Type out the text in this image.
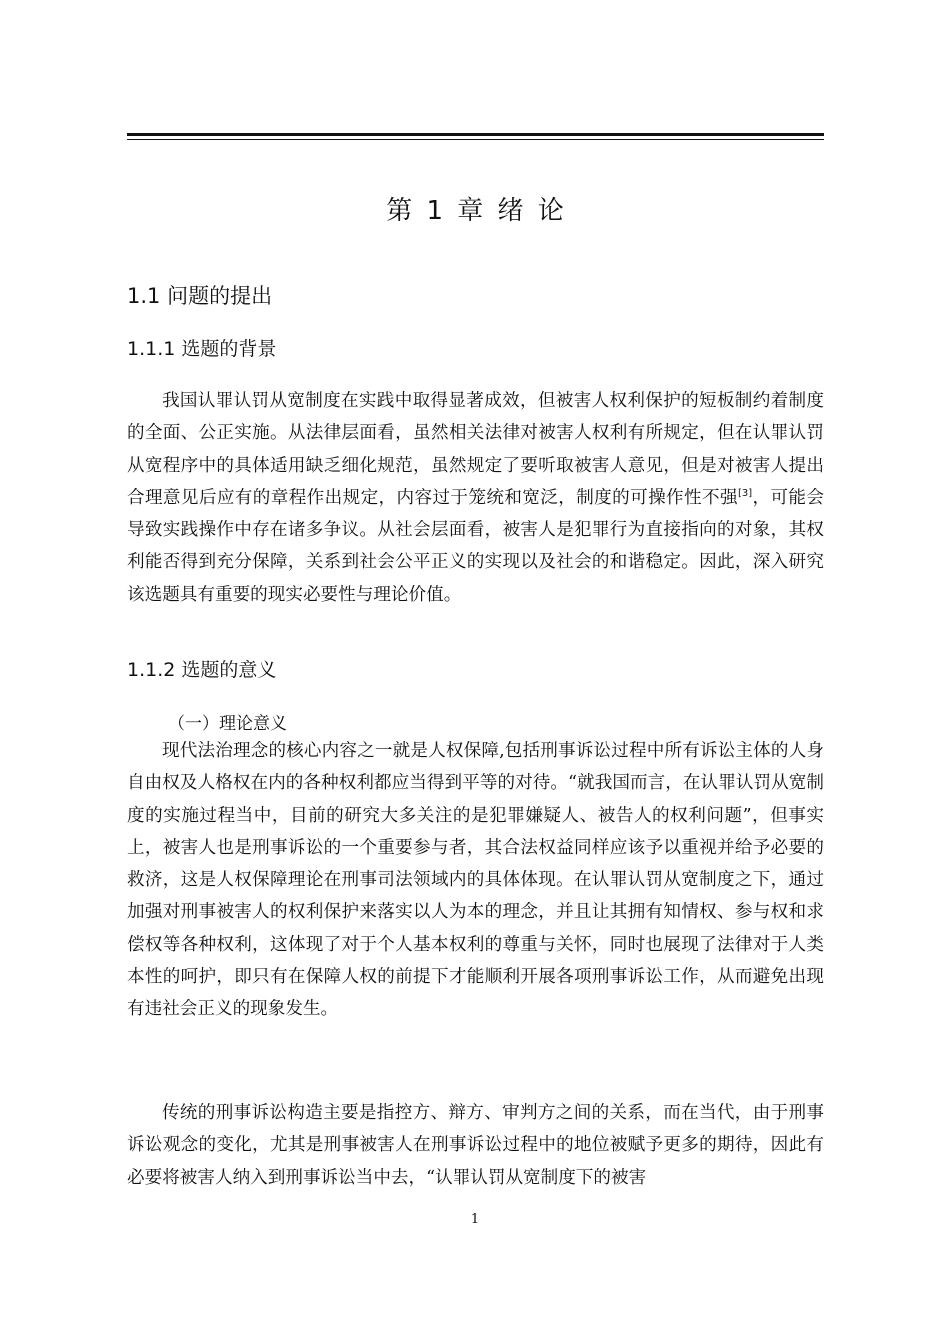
第 1 章 绪 论
1.1 问题的提出
1.1.1 选题的背景

我国认罪认罚从宽制度在实践中取得显著成效，但被害人权利保护的短板制约着制度的全面、公正实施。从法律层面看，虽然相关法律对被害人权利有所规定，但在认罪认罚从宽程序中的具体适用缺乏细化规范，虽然规定了要听取被害人意见，但是对被害人提出合理意见后应有的章程作出规定，内容过于笼统和宽泛，制度的可操作性不强[3]，可能会导致实践操作中存在诸多争议。从社会层面看，被害人是犯罪行为直接指向的对象，其权利能否得到充分保障，关系到社会公平正义的实现以及社会的和谐稳定。因此，深入研究该选题具有重要的现实必要性与理论价值。

1.1.2 选题的意义
（一）理论意义

现代法治理念的核心内容之一就是人权保障,包括刑事诉讼过程中所有诉讼主体的人身自由权及人格权在内的各种权利都应当得到平等的对待。“就我国而言，在认罪认罚从宽制度的实施过程当中，目前的研究大多关注的是犯罪嫌疑人、被告人的权利问题”，但事实上，被害人也是刑事诉讼的一个重要参与者，其合法权益同样应该予以重视并给予必要的救济，这是人权保障理论在刑事司法领域内的具体体现。在认罪认罚从宽制度之下，通过加强对刑事被害人的权利保护来落实以人为本的理念，并且让其拥有知情权、参与权和求偿权等各种权利，这体现了对于个人基本权利的尊重与关怀，同时也展现了法律对于人类本性的呵护，即只有在保障人权的前提下才能顺利开展各项刑事诉讼工作，从而避免出现有违社会正义的现象发生。

传统的刑事诉讼构造主要是指控方、辩方、审判方之间的关系，而在当代，由于刑事诉讼观念的变化，尤其是刑事被害人在刑事诉讼过程中的地位被赋予更多的期待，因此有必要将被害人纳入到刑事诉讼当中去，“认罪认罚从宽制度下的被害

1
